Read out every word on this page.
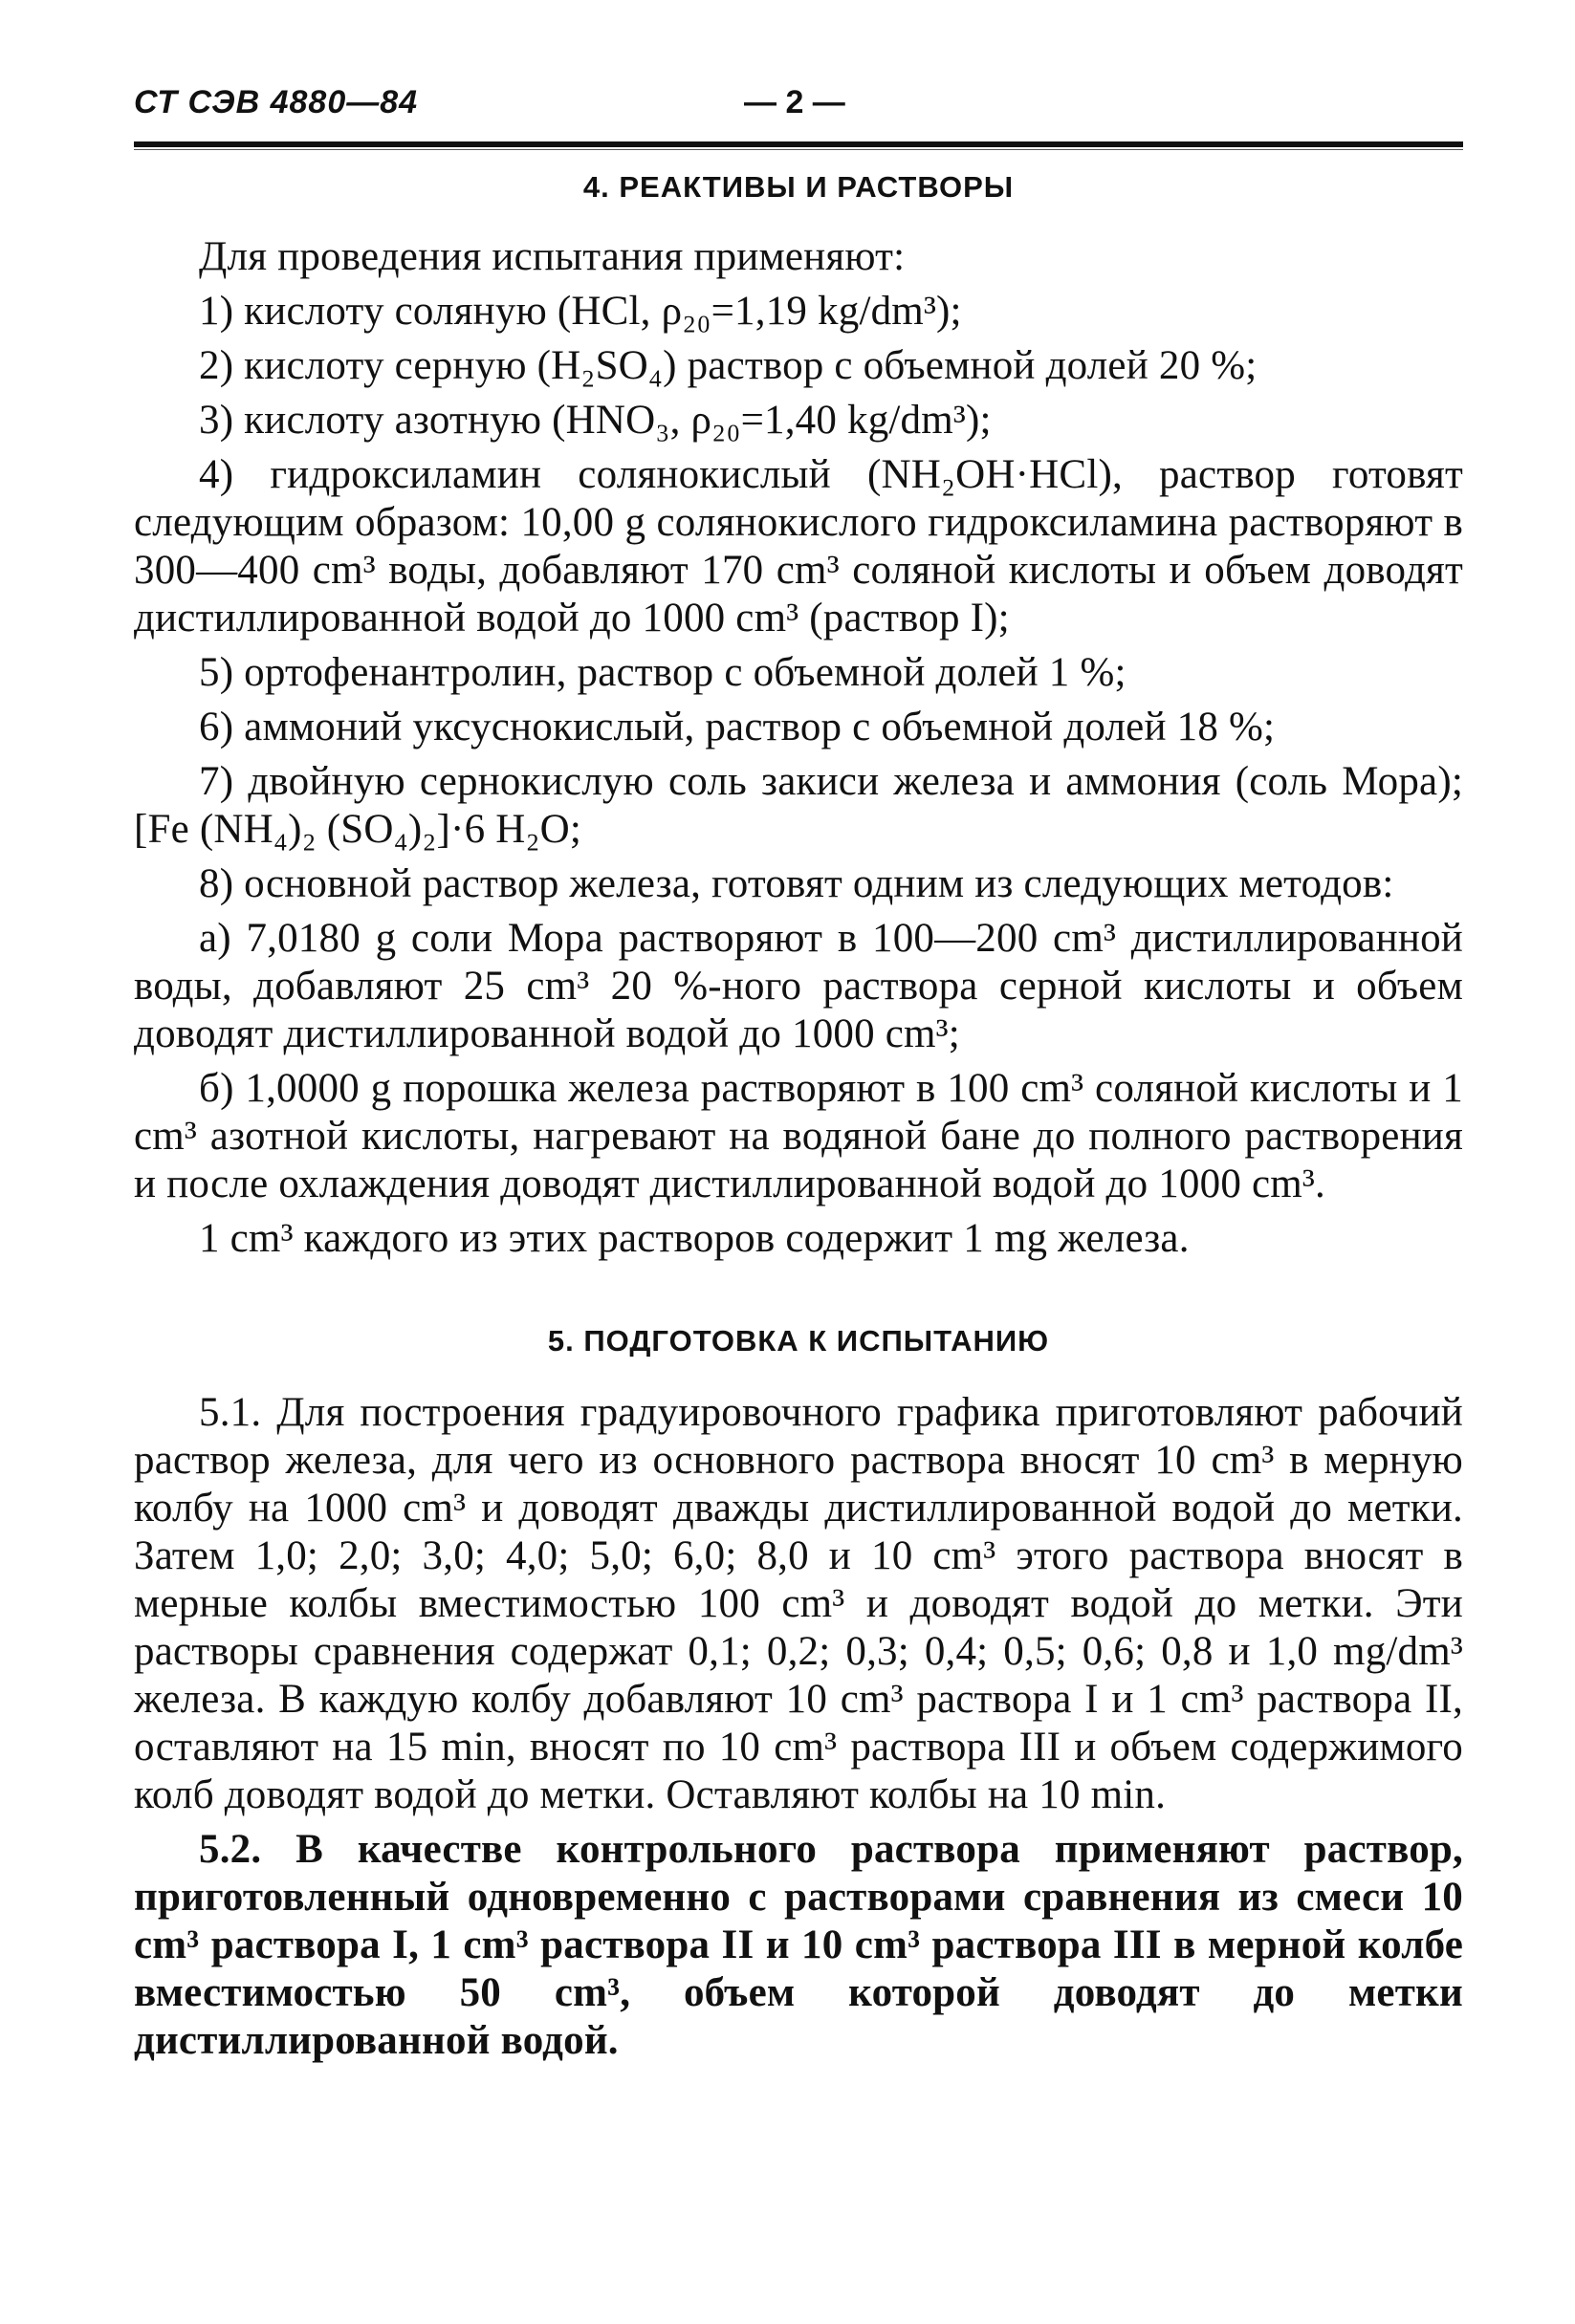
СТ СЭВ 4880—84	— 2 —
4. РЕАКТИВЫ И РАСТВОРЫ
Для проведения испытания применяют:
1) кислоту соляную (HCl, ρ₂₀=1,19 kg/dm³);
2) кислоту серную (H₂SO₄) раствор с объемной долей 20 %;
3) кислоту азотную (HNO₃, ρ₂₀=1,40 kg/dm³);
4) гидроксиламин солянокислый (NH₂OH·HCl), раствор готовят следующим образом: 10,00 g солянокислого гидроксиламина растворяют в 300—400 cm³ воды, добавляют 170 cm³ соляной кислоты и объем доводят дистиллированной водой до 1000 cm³ (раствор I);
5) ортофенантролин, раствор с объемной долей 1 %;
6) аммоний уксуснокислый, раствор с объемной долей 18 %;
7) двойную сернокислую соль закиси железа и аммония (соль Мора); [Fe (NH₄)₂ (SO₄)₂]·6 H₂O;
8) основной раствор железа, готовят одним из следующих методов:
а) 7,0180 g соли Мора растворяют в 100—200 cm³ дистиллированной воды, добавляют 25 cm³ 20 %-ного раствора серной кислоты и объем доводят дистиллированной водой до 1000 cm³;
б) 1,0000 g порошка железа растворяют в 100 cm³ соляной кислоты и 1 cm³ азотной кислоты, нагревают на водяной бане до полного растворения и после охлаждения доводят дистиллированной водой до 1000 cm³.
1 cm³ каждого из этих растворов содержит 1 mg железа.
5. ПОДГОТОВКА К ИСПЫТАНИЮ
5.1. Для построения градуировочного графика приготовляют рабочий раствор железа, для чего из основного раствора вносят 10 cm³ в мерную колбу на 1000 cm³ и доводят дважды дистиллированной водой до метки. Затем 1,0; 2,0; 3,0; 4,0; 5,0; 6,0; 8,0 и 10 cm³ этого раствора вносят в мерные колбы вместимостью 100 cm³ и доводят водой до метки. Эти растворы сравнения содержат 0,1; 0,2; 0,3; 0,4; 0,5; 0,6; 0,8 и 1,0 mg/dm³ железа. В каждую колбу добавляют 10 cm³ раствора I и 1 cm³ раствора II, оставляют на 15 min, вносят по 10 cm³ раствора III и объем содержимого колб доводят водой до метки. Оставляют колбы на 10 min.
5.2. В качестве контрольного раствора применяют раствор, приготовленный одновременно с растворами сравнения из смеси 10 cm³ раствора I, 1 cm³ раствора II и 10 cm³ раствора III в мерной колбе вместимостью 50 cm³, объем которой доводят до метки дистиллированной водой.
